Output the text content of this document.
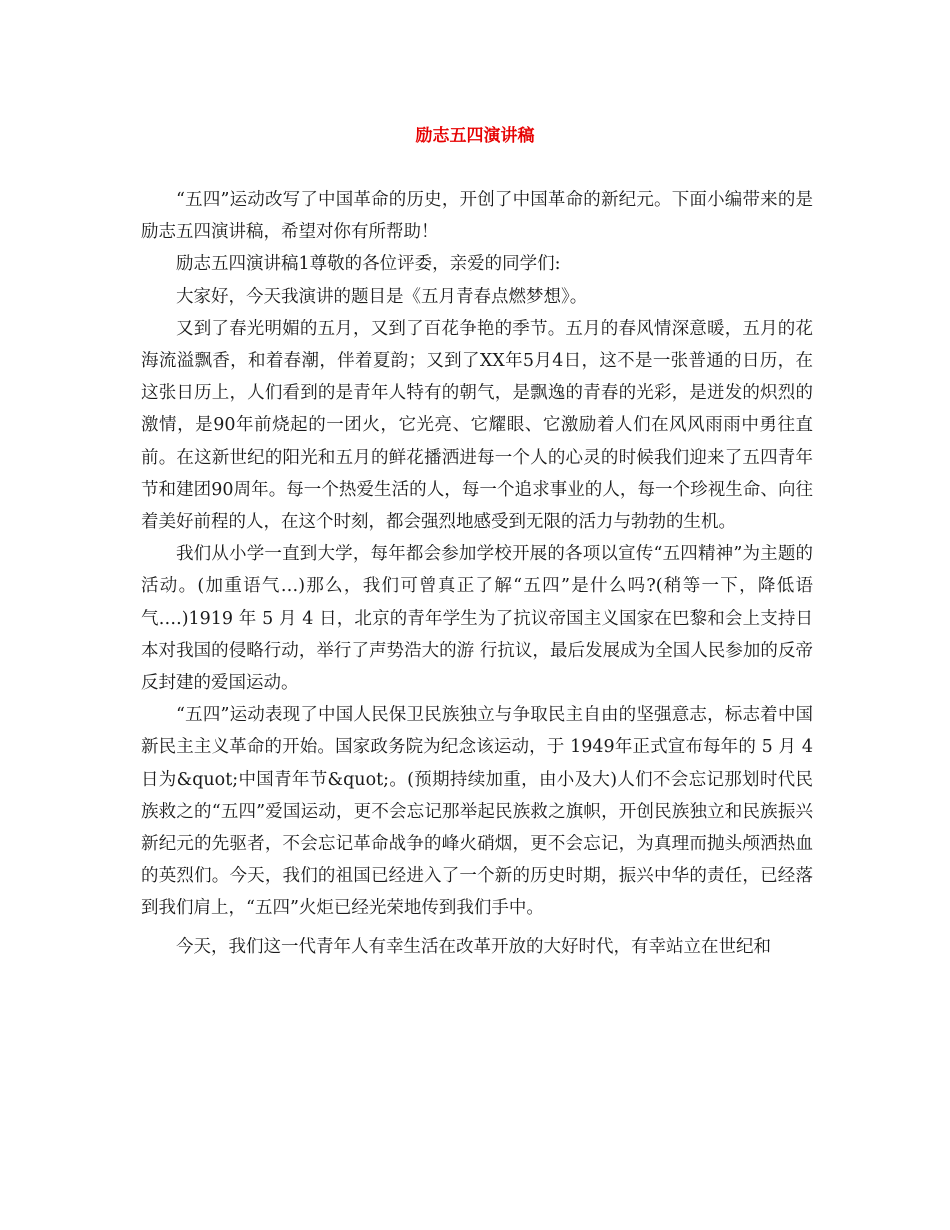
励志五四演讲稿

“五四”运动改写了中国革命的历史，开创了中国革命的新纪元。下面小编带来的是励志五四演讲稿，希望对你有所帮助！

励志五四演讲稿1尊敬的各位评委，亲爱的同学们:

大家好，今天我演讲的题目是《五月青春点燃梦想》。

又到了春光明媚的五月，又到了百花争艳的季节。五月的春风情深意暖，五月的花海流溢飘香，和着春潮，伴着夏韵；又到了XX年5月4日，这不是一张普通的日历，在这张日历上，人们看到的是青年人特有的朝气，是飘逸的青春的光彩，是迸发的炽烈的激情，是90年前烧起的一团火，它光亮、它耀眼、它激励着人们在风风雨雨中勇往直前。在这新世纪的阳光和五月的鲜花播洒进每一个人的心灵的时候我们迎来了五四青年节和建团90周年。每一个热爱生活的人，每一个追求事业的人，每一个珍视生命、向往着美好前程的人，在这个时刻，都会强烈地感受到无限的活力与勃勃的生机。

我们从小学一直到大学，每年都会参加学校开展的各项以宣传“五四精神”为主题的活动。(加重语气…)那么，我们可曾真正了解“五四”是什么吗?(稍等一下，降低语气….)1919 年 5 月 4 日，北京的青年学生为了抗议帝国主义国家在巴黎和会上支持日本对我国的侵略行动，举行了声势浩大的游 行抗议，最后发展成为全国人民参加的反帝反封建的爱国运动。

“五四”运动表现了中国人民保卫民族独立与争取民主自由的坚强意志，标志着中国新民主主义革命的开始。国家政务院为纪念该运动，于 1949年正式宣布每年的 5 月 4 日为&quot;中国青年节&quot;。(预期持续加重，由小及大)人们不会忘记那划时代民族救之的“五四”爱国运动，更不会忘记那举起民族救之旗帜，开创民族独立和民族振兴新纪元的先驱者，不会忘记革命战争的峰火硝烟，更不会忘记，为真理而抛头颅洒热血的英烈们。今天，我们的祖国已经进入了一个新的历史时期，振兴中华的责任，已经落到我们肩上，“五四”火炬已经光荣地传到我们手中。

今天，我们这一代青年人有幸生活在改革开放的大好时代，有幸站立在世纪和
